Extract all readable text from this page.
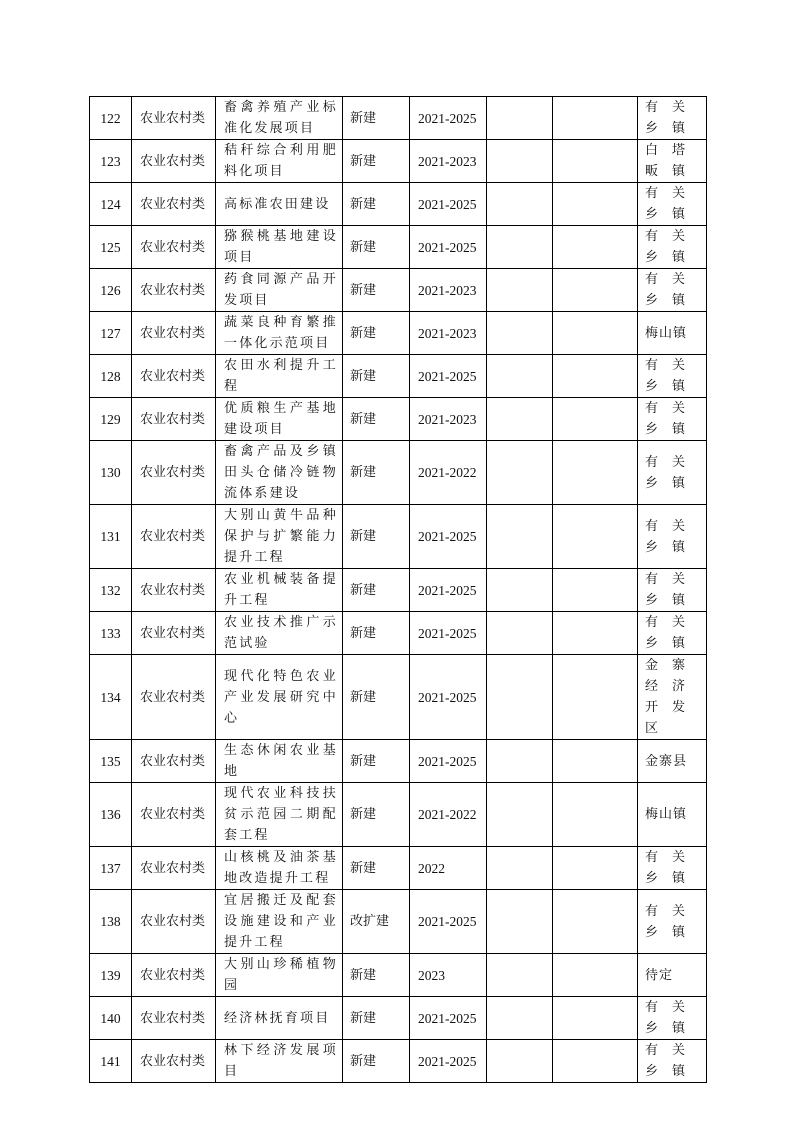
122	农业农村类	畜禽养殖产业标准化发展项目	新建	2021-2025			有关乡镇
123	农业农村类	秸秆综合利用肥料化项目	新建	2021-2023			白塔畈镇
124	农业农村类	高标准农田建设	新建	2021-2025			有关乡镇
125	农业农村类	猕猴桃基地建设项目	新建	2021-2025			有关乡镇
126	农业农村类	药食同源产品开发项目	新建	2021-2023			有关乡镇
127	农业农村类	蔬菜良种育繁推一体化示范项目	新建	2021-2023			梅山镇
128	农业农村类	农田水利提升工程	新建	2021-2025			有关乡镇
129	农业农村类	优质粮生产基地建设项目	新建	2021-2023			有关乡镇
130	农业农村类	畜禽产品及乡镇田头仓储冷链物流体系建设	新建	2021-2022			有关乡镇
131	农业农村类	大别山黄牛品种保护与扩繁能力提升工程	新建	2021-2025			有关乡镇
132	农业农村类	农业机械装备提升工程	新建	2021-2025			有关乡镇
133	农业农村类	农业技术推广示范试验	新建	2021-2025			有关乡镇
134	农业农村类	现代化特色农业产业发展研究中心	新建	2021-2025			金寨经济开发区
135	农业农村类	生态休闲农业基地	新建	2021-2025			金寨县
136	农业农村类	现代农业科技扶贫示范园二期配套工程	新建	2021-2022			梅山镇
137	农业农村类	山核桃及油茶基地改造提升工程	新建	2022			有关乡镇
138	农业农村类	宜居搬迁及配套设施建设和产业提升工程	改扩建	2021-2025			有关乡镇
139	农业农村类	大别山珍稀植物园	新建	2023			待定
140	农业农村类	经济林抚育项目	新建	2021-2025			有关乡镇
141	农业农村类	林下经济发展项目	新建	2021-2025			有关乡镇
